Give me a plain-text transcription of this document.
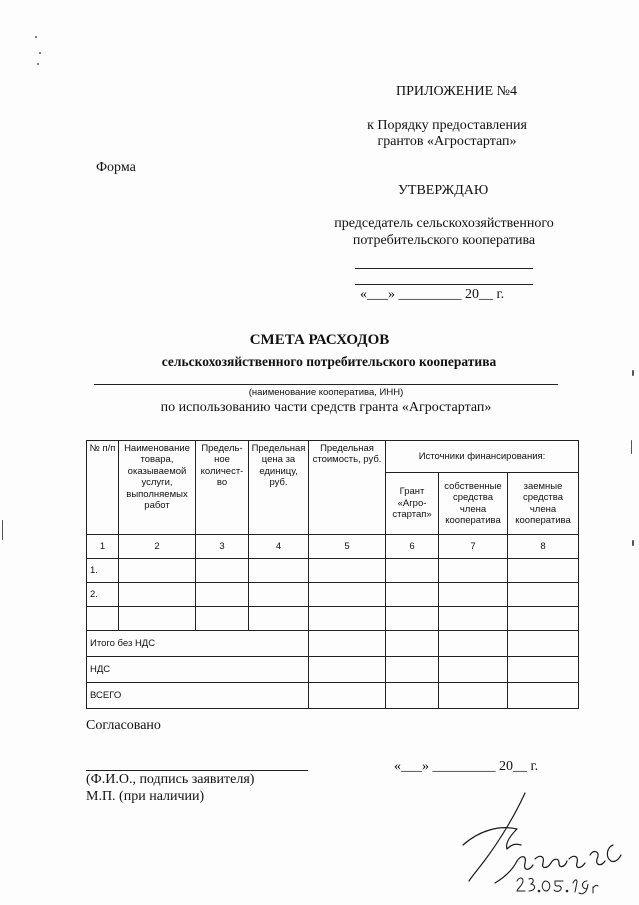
ПРИЛОЖЕНИЕ №4
к Порядку предоставления
грантов «Агростартап»
Форма
УТВЕРЖДАЮ
председатель сельскохозяйственного
потребительского кооператива
«___» _________ 20__ г.
СМЕТА РАСХОДОВ
сельскохозяйственного потребительского кооператива
(наименование кооператива, ИНН)
по использованию части средств гранта «Агростартап»
№ п/п	Наименование товара, оказываемой услуги, выполняемых работ	Предель-ное количест-во	Предельная цена за единицу, руб.	Предельная стоимость, руб.	Источники финансирования:		
					Грант «Агро-стартап»	собственные средства члена кооператива	заемные средства члена кооператива
1	2	3	4	5	6	7	8
1.							
2.							

Итого без НДС							
НДС							
ВСЕГО							
Согласовано
«___» _________ 20__ г.
(Ф.И.О., подпись заявителя)
М.П. (при наличии)
